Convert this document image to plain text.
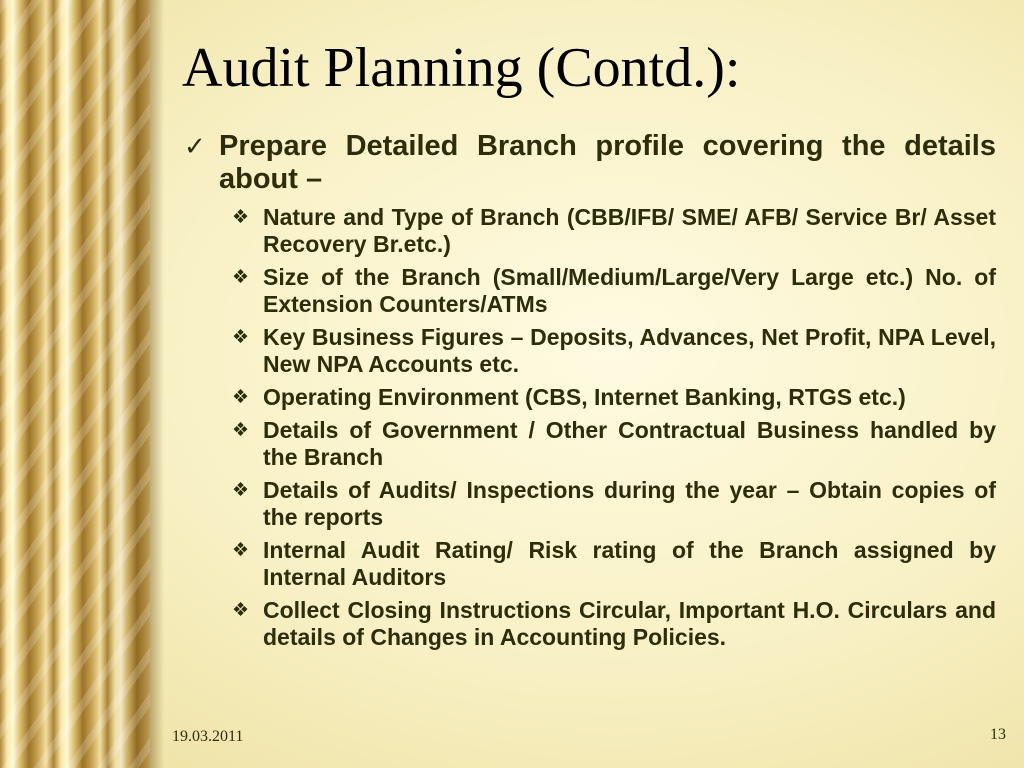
Audit Planning (Contd.):
✓ Prepare Detailed Branch profile covering the details about –
❖ Nature and Type of Branch (CBB/IFB/ SME/ AFB/ Service Br/ Asset Recovery Br.etc.)
❖ Size of the Branch (Small/Medium/Large/Very Large etc.) No. of Extension Counters/ATMs
❖ Key Business Figures – Deposits, Advances, Net Profit, NPA Level, New NPA Accounts etc.
❖ Operating Environment (CBS, Internet Banking, RTGS etc.)
❖ Details of Government / Other Contractual Business handled by the Branch
❖ Details of Audits/ Inspections during the year – Obtain copies of the reports
❖ Internal Audit Rating/ Risk rating of the Branch assigned by Internal Auditors
❖ Collect Closing Instructions Circular, Important H.O. Circulars and details of Changes in Accounting Policies.
19.03.2011	13
